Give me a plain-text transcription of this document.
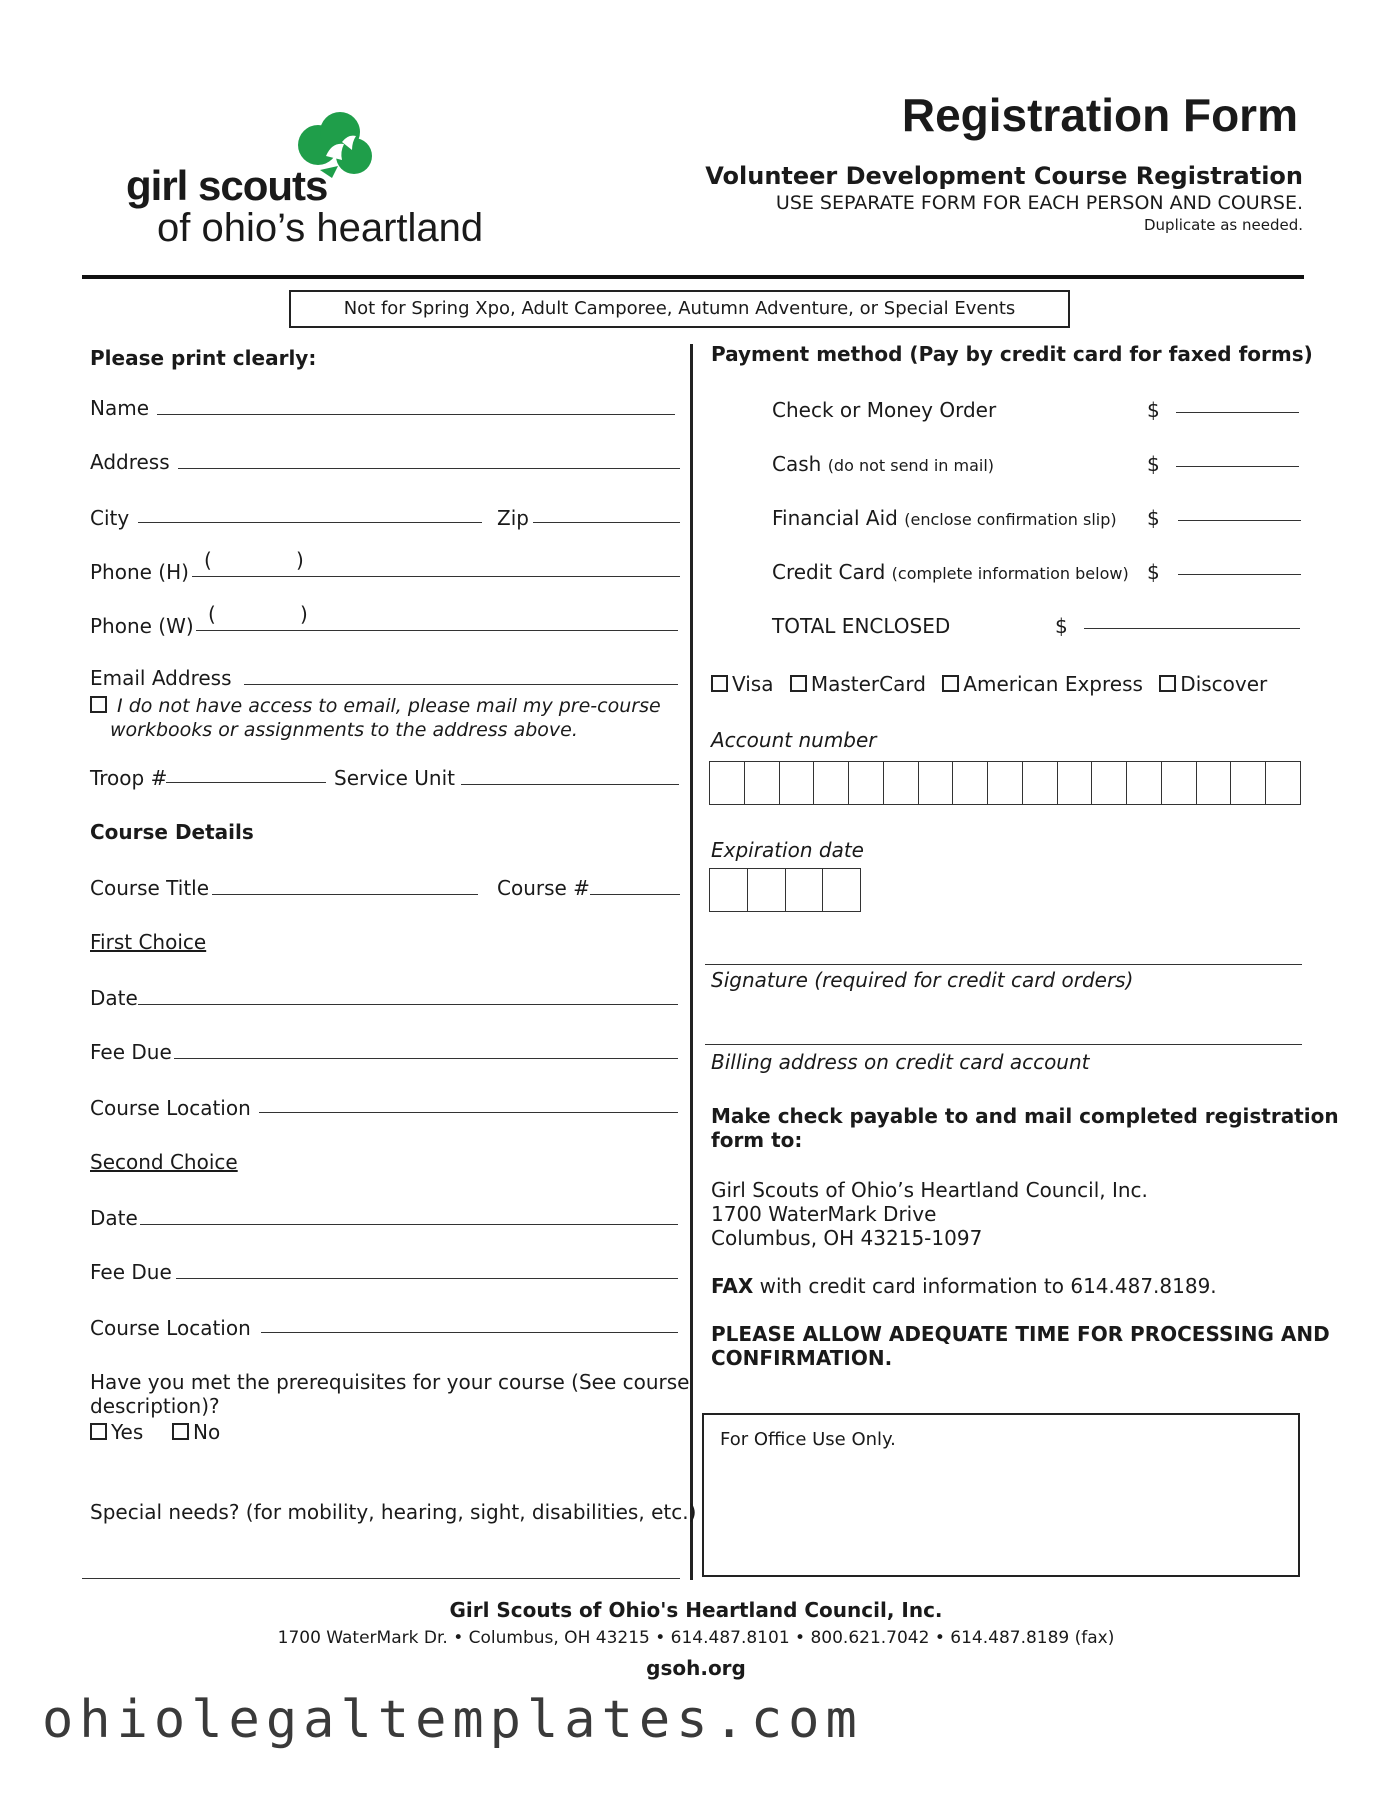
girl scouts
of ohio’s heartland
Registration Form
Volunteer Development Course Registration
USE SEPARATE FORM FOR EACH PERSON AND COURSE.
Duplicate as needed.
Not for Spring Xpo, Adult Camporee, Autumn Adventure, or Special Events
Please print clearly:
Name
Address
City	Zip
Phone (H) (	)
Phone (W) (	)
Email Address
I do not have access to email, please mail my pre-course
workbooks or assignments to the address above.
Troop #	Service Unit
Course Details
Course Title	Course #
First Choice
Date
Fee Due
Course Location
Second Choice
Date
Fee Due
Course Location
Have you met the prerequisites for your course (See course
description)?
Yes	No
Special needs? (for mobility, hearing, sight, disabilities, etc.)
Payment method (Pay by credit card for faxed forms)
Check or Money Order	$
Cash (do not send in mail)	$
Financial Aid (enclose confirmation slip) $
Credit Card (complete information below) $
TOTAL ENCLOSED	$
Visa MasterCard American Express Discover
Account number
Expiration date
Signature (required for credit card orders)
Billing address on credit card account
Make check payable to and mail completed registration
form to:
Girl Scouts of Ohio’s Heartland Council, Inc.
1700 WaterMark Drive
Columbus, OH 43215-1097
FAX with credit card information to 614.487.8189.
PLEASE ALLOW ADEQUATE TIME FOR PROCESSING AND
CONFIRMATION.
For Office Use Only.
Girl Scouts of Ohio's Heartland Council, Inc.
1700 WaterMark Dr. • Columbus, OH 43215 • 614.487.8101 • 800.621.7042 • 614.487.8189 (fax)
gsoh.org
ohiolegaltemplates.com
